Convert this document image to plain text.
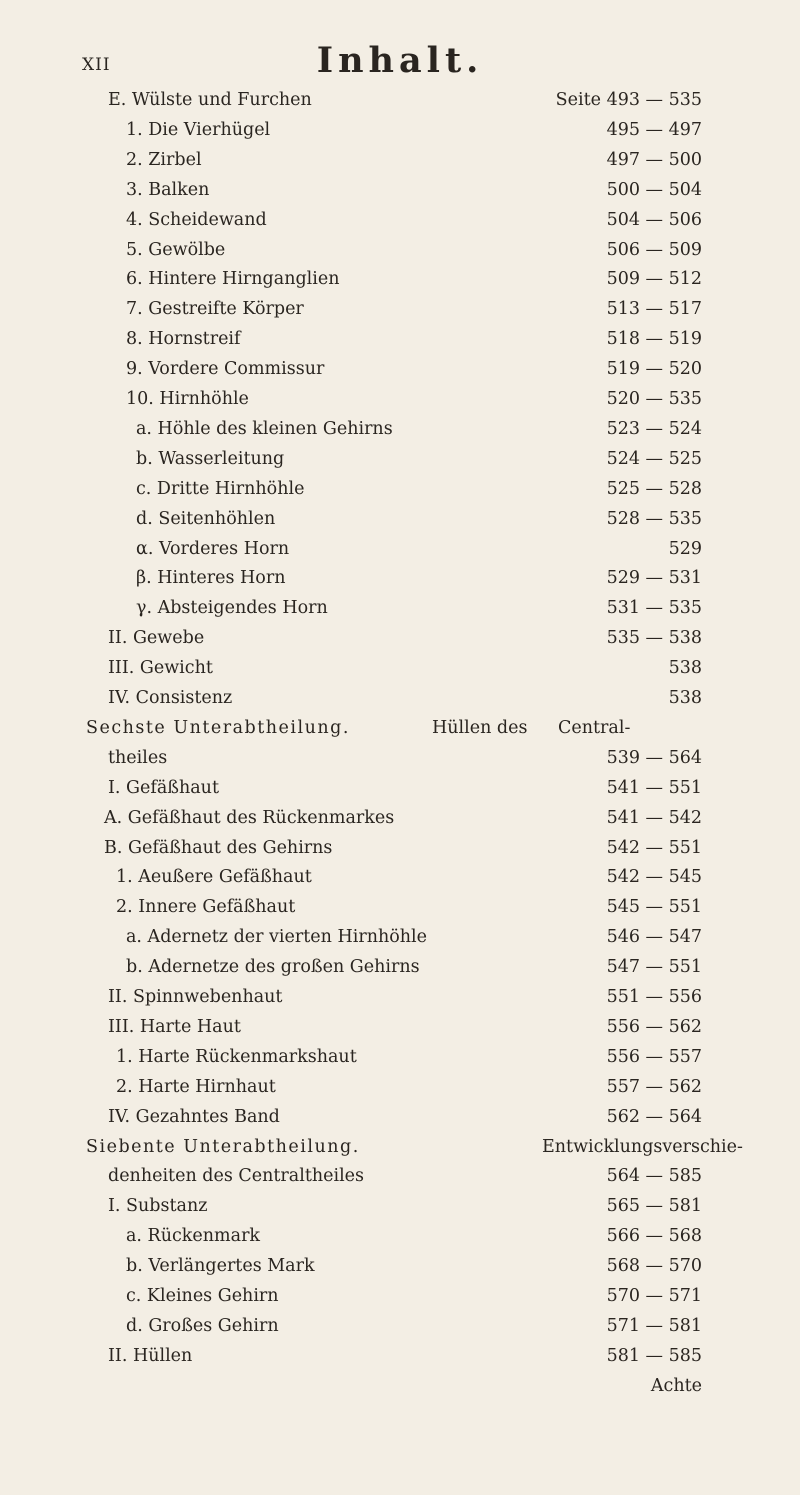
XII	Inhalt.
E. Wülste und Furchen	Seite 493 — 535
1. Die Vierhügel	495 — 497
2. Zirbel	497 — 500
3. Balken	500 — 504
4. Scheidewand	504 — 506
5. Gewölbe	506 — 509
6. Hintere Hirnganglien	509 — 512
7. Gestreifte Körper	513 — 517
8. Hornstreif	518 — 519
9. Vordere Commissur	519 — 520
10. Hirnhöhle	520 — 535
a. Höhle des kleinen Gehirns	523 — 524
b. Wasserleitung	524 — 525
c. Dritte Hirnhöhle	525 — 528
d. Seitenhöhlen	528 — 535
α. Vorderes Horn	529
β. Hinteres Horn	529 — 531
γ. Absteigendes Horn	531 — 535
II. Gewebe	535 — 538
III. Gewicht	538
IV. Consistenz	538
Sechste Unterabtheilung.	Hüllen des Central-
theiles	539 — 564
I. Gefäßhaut	541 — 551
A. Gefäßhaut des Rückenmarkes	541 — 542
B. Gefäßhaut des Gehirns	542 — 551
1. Aeußere Gefäßhaut	542 — 545
2. Innere Gefäßhaut	545 — 551
a. Adernetz der vierten Hirnhöhle	546 — 547
b. Adernetze des großen Gehirns	547 — 551
II. Spinnwebenhaut	551 — 556
III. Harte Haut	556 — 562
1. Harte Rückenmarkshaut	556 — 557
2. Harte Hirnhaut	557 — 562
IV. Gezahntes Band	562 — 564
Siebente Unterabtheilung.	Entwicklungsverschie-
denheiten des Centraltheiles	564 — 585
I. Substanz	565 — 581
a. Rückenmark	566 — 568
b. Verlängertes Mark	568 — 570
c. Kleines Gehirn	570 — 571
d. Großes Gehirn	571 — 581
II. Hüllen	581 — 585
Achte
